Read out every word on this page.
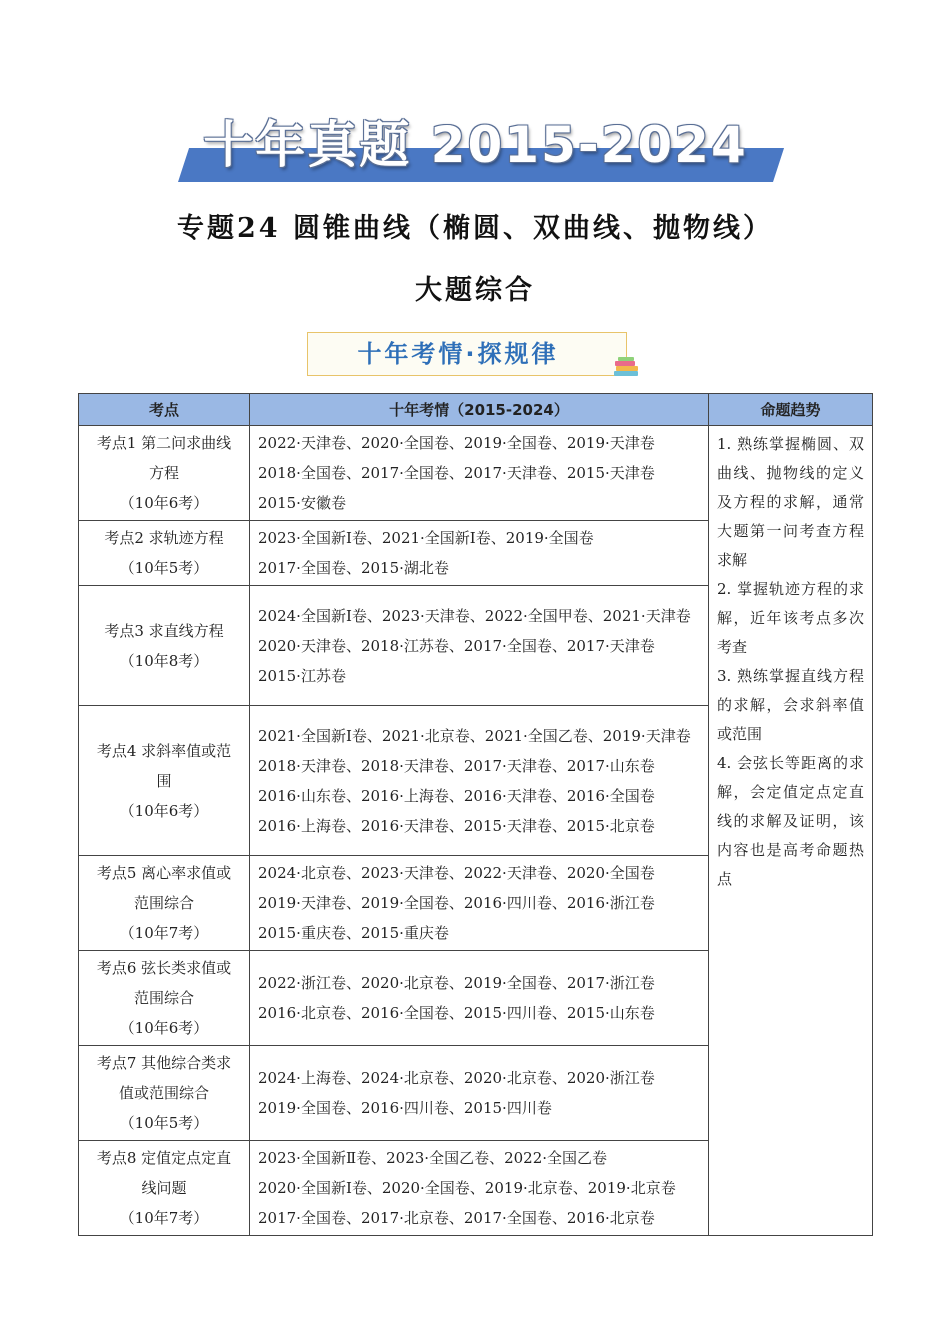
十年真题 2015-2024
专题24 圆锥曲线（椭圆、双曲线、抛物线）
大题综合
十年考情·探规律
考点	十年考情（2015-2024）	命题趋势

考点1 第二问求曲线
方程
（10年6考）	2022·天津卷、2020·全国卷、2019·全国卷、2019·天津卷
2018·全国卷、2017·全国卷、2017·天津卷、2015·天津卷
2015·安徽卷	1. 熟练掌握椭圆、双曲线、抛物线的定义及方程的求解，通常大题第一问考查方程求解
2. 掌握轨迹方程的求解，近年该考点多次考查
3. 熟练掌握直线方程的求解，会求斜率值或范围
4. 会弦长等距离的求解，会定值定点定直线的求解及证明，该内容也是高考命题热点

考点2 求轨迹方程
（10年5考）	2023·全国新Ⅰ卷、2021·全国新Ⅰ卷、2019·全国卷
2017·全国卷、2015·湖北卷	

考点3 求直线方程
（10年8考）	2024·全国新Ⅰ卷、2023·天津卷、2022·全国甲卷、2021·天津卷
2020·天津卷、2018·江苏卷、2017·全国卷、2017·天津卷
2015·江苏卷	

考点4 求斜率值或范
围
（10年6考）	2021·全国新Ⅰ卷、2021·北京卷、2021·全国乙卷、2019·天津卷
2018·天津卷、2018·天津卷、2017·天津卷、2017·山东卷
2016·山东卷、2016·上海卷、2016·天津卷、2016·全国卷
2016·上海卷、2016·天津卷、2015·天津卷、2015·北京卷	

考点5 离心率求值或
范围综合
（10年7考）	2024·北京卷、2023·天津卷、2022·天津卷、2020·全国卷
2019·天津卷、2019·全国卷、2016·四川卷、2016·浙江卷
2015·重庆卷、2015·重庆卷	

考点6 弦长类求值或
范围综合
（10年6考）	2022·浙江卷、2020·北京卷、2019·全国卷、2017·浙江卷
2016·北京卷、2016·全国卷、2015·四川卷、2015·山东卷	

考点7 其他综合类求
值或范围综合
（10年5考）	2024·上海卷、2024·北京卷、2020·北京卷、2020·浙江卷
2019·全国卷、2016·四川卷、2015·四川卷	

考点8 定值定点定直
线问题
（10年7考）	2023·全国新Ⅱ卷、2023·全国乙卷、2022·全国乙卷
2020·全国新Ⅰ卷、2020·全国卷、2019·北京卷、2019·北京卷
2017·全国卷、2017·北京卷、2017·全国卷、2016·北京卷	
